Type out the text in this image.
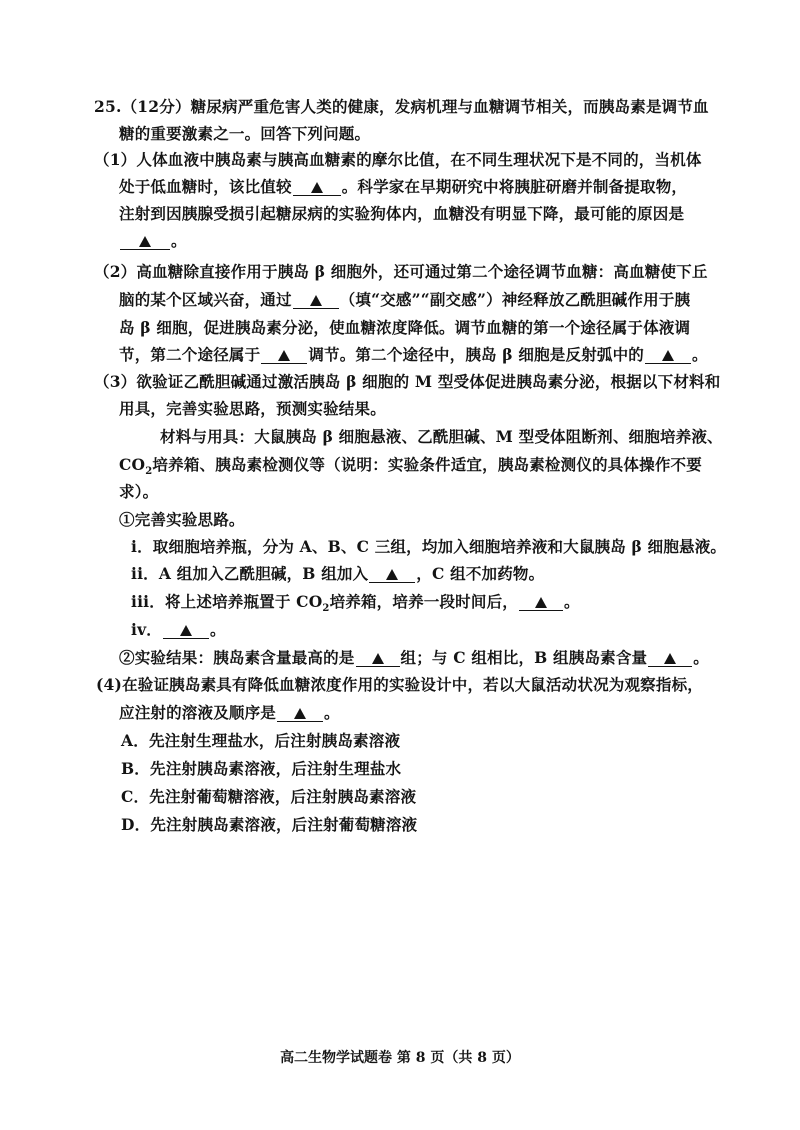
25.（12分）糖尿病严重危害人类的健康，发病机理与血糖调节相关，而胰岛素是调节血
糖的重要激素之一。回答下列问题。
（1）人体血液中胰岛素与胰高血糖素的摩尔比值，在不同生理状况下是不同的，当机体
处于低血糖时，该比值较	。科学家在早期研究中将胰脏研磨并制备提取物，
注射到因胰腺受损引起糖尿病的实验狗体内，血糖没有明显下降，最可能的原因是
。
（2）高血糖除直接作用于胰岛 β 细胞外，还可通过第二个途径调节血糖：高血糖使下丘
脑的某个区域兴奋，通过	（填“交感”“副交感”）神经释放乙酰胆碱作用于胰
岛 β 细胞，促进胰岛素分泌，使血糖浓度降低。调节血糖的第一个途径属于体液调
节，第二个途径属于	调节。第二个途径中，胰岛 β 细胞是反射弧中的	。
（3）欲验证乙酰胆碱通过激活胰岛 β 细胞的 M 型受体促进胰岛素分泌，根据以下材料和
用具，完善实验思路，预测实验结果。
材料与用具：大鼠胰岛 β 细胞悬液、乙酰胆碱、M 型受体阻断剂、细胞培养液、
$CO_2$培养箱、胰岛素检测仪等（说明：实验条件适宜，胰岛素检测仪的具体操作不要
求）。
①完善实验思路。
i．取细胞培养瓶，分为 A、B、C 三组，均加入细胞培养液和大鼠胰岛 β 细胞悬液。
ii．A 组加入乙酰胆碱，B 组加入	，C 组不加药物。
iii．将上述培养瓶置于 $CO_2$培养箱，培养一段时间后，	。
iv．	。
②实验结果：胰岛素含量最高的是	组；与 C 组相比，B 组胰岛素含量	。
(4)在验证胰岛素具有降低血糖浓度作用的实验设计中，若以大鼠活动状况为观察指标，
应注射的溶液及顺序是	。
A．先注射生理盐水，后注射胰岛素溶液
B．先注射胰岛素溶液，后注射生理盐水
C．先注射葡萄糖溶液，后注射胰岛素溶液
D．先注射胰岛素溶液，后注射葡萄糖溶液
高二生物学试题卷 第 8 页（共 8 页）
